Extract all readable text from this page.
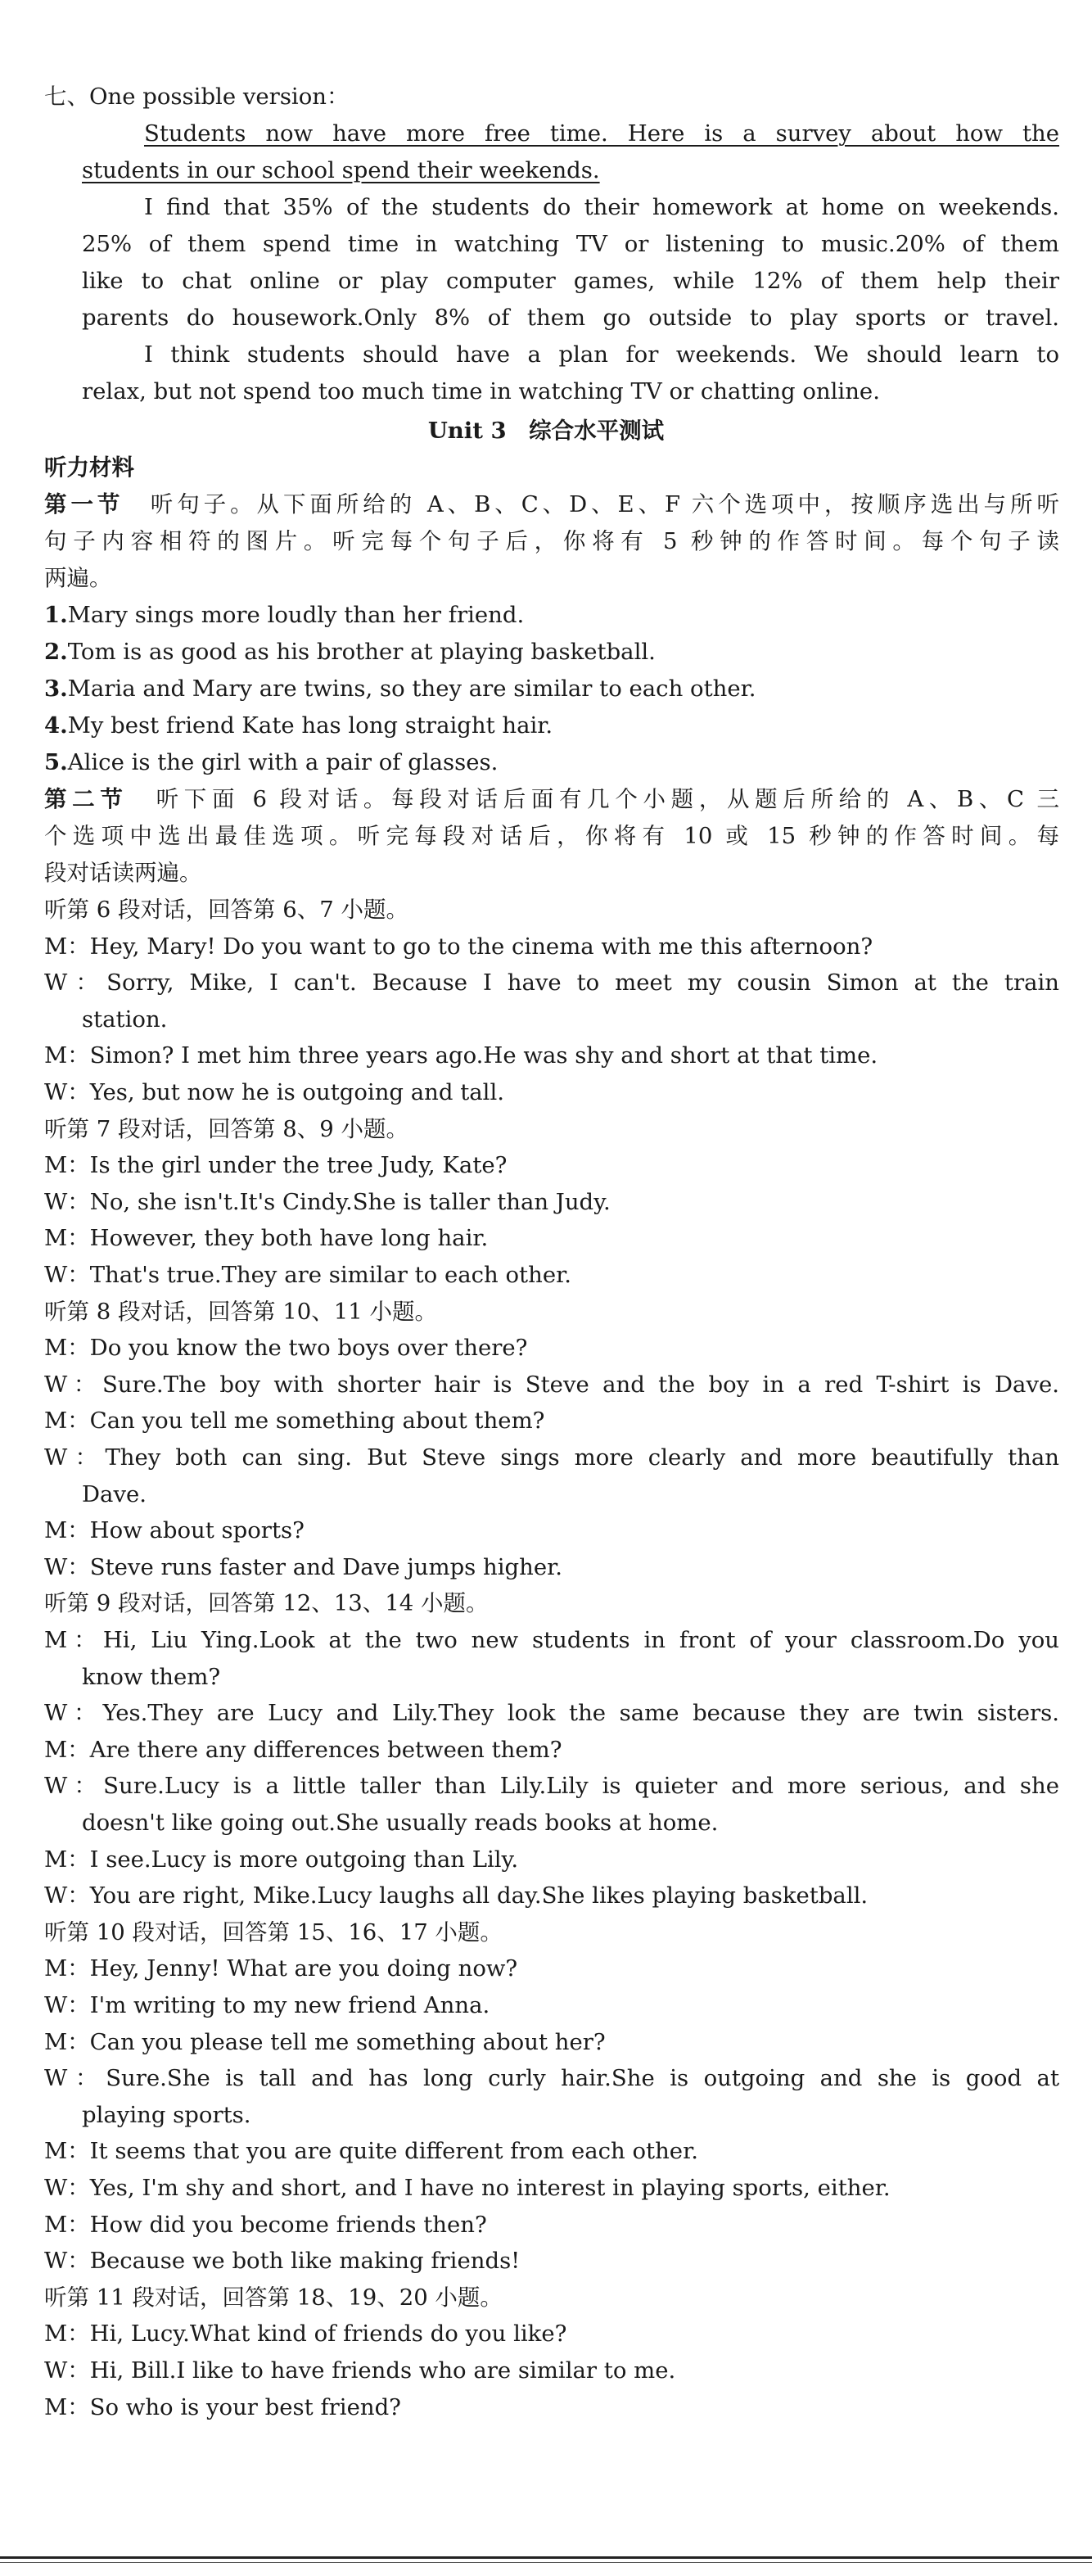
七、One possible version：
Students now have more free time. Here is a survey about how the
students in our school spend their weekends.
I find that 35% of the students do their homework at home on weekends.
25% of them spend time in watching TV or listening to music.20% of them
like to chat online or play computer games, while 12% of them help their
parents do housework.Only 8% of them go outside to play sports or travel.
I think students should have a plan for weekends. We should learn to
relax, but not spend too much time in watching TV or chatting online.
Unit 3　综合水平测试
听力材料
第一节  听句子。从下面所给的 A、B、C、D、E、F 六个选项中，按顺序选出与所听
句子内容相符的图片。听完每个句子后，你将有 5 秒钟的作答时间。每个句子读
两遍。
1.Mary sings more loudly than her friend.
2.Tom is as good as his brother at playing basketball.
3.Maria and Mary are twins, so they are similar to each other.
4.My best friend Kate has long straight hair.
5.Alice is the girl with a pair of glasses.
第二节  听下面 6 段对话。每段对话后面有几个小题，从题后所给的 A、B、C 三
个选项中选出最佳选项。听完每段对话后，你将有 10 或 15 秒钟的作答时间。每
段对话读两遍。
听第 6 段对话，回答第 6、7 小题。
M：Hey, Mary! Do you want to go to the cinema with me this afternoon?
W：Sorry, Mike, I can't. Because I have to meet my cousin Simon at the train
station.
M：Simon? I met him three years ago.He was shy and short at that time.
W：Yes, but now he is outgoing and tall.
听第 7 段对话，回答第 8、9 小题。
M：Is the girl under the tree Judy, Kate?
W：No, she isn't.It's Cindy.She is taller than Judy.
M：However, they both have long hair.
W：That's true.They are similar to each other.
听第 8 段对话，回答第 10、11 小题。
M：Do you know the two boys over there?
W：Sure.The boy with shorter hair is Steve and the boy in a red T-shirt is Dave.
M：Can you tell me something about them?
W：They both can sing. But Steve sings more clearly and more beautifully than
Dave.
M：How about sports?
W：Steve runs faster and Dave jumps higher.
听第 9 段对话，回答第 12、13、14 小题。
M：Hi, Liu Ying.Look at the two new students in front of your classroom.Do you
know them?
W：Yes.They are Lucy and Lily.They look the same because they are twin sisters.
M：Are there any differences between them?
W：Sure.Lucy is a little taller than Lily.Lily is quieter and more serious, and she
doesn't like going out.She usually reads books at home.
M：I see.Lucy is more outgoing than Lily.
W：You are right, Mike.Lucy laughs all day.She likes playing basketball.
听第 10 段对话，回答第 15、16、17 小题。
M：Hey, Jenny! What are you doing now?
W：I'm writing to my new friend Anna.
M：Can you please tell me something about her?
W：Sure.She is tall and has long curly hair.She is outgoing and she is good at
playing sports.
M：It seems that you are quite different from each other.
W：Yes, I'm shy and short, and I have no interest in playing sports, either.
M：How did you become friends then?
W：Because we both like making friends!
听第 11 段对话，回答第 18、19、20 小题。
M：Hi, Lucy.What kind of friends do you like?
W：Hi, Bill.I like to have friends who are similar to me.
M：So who is your best friend?
